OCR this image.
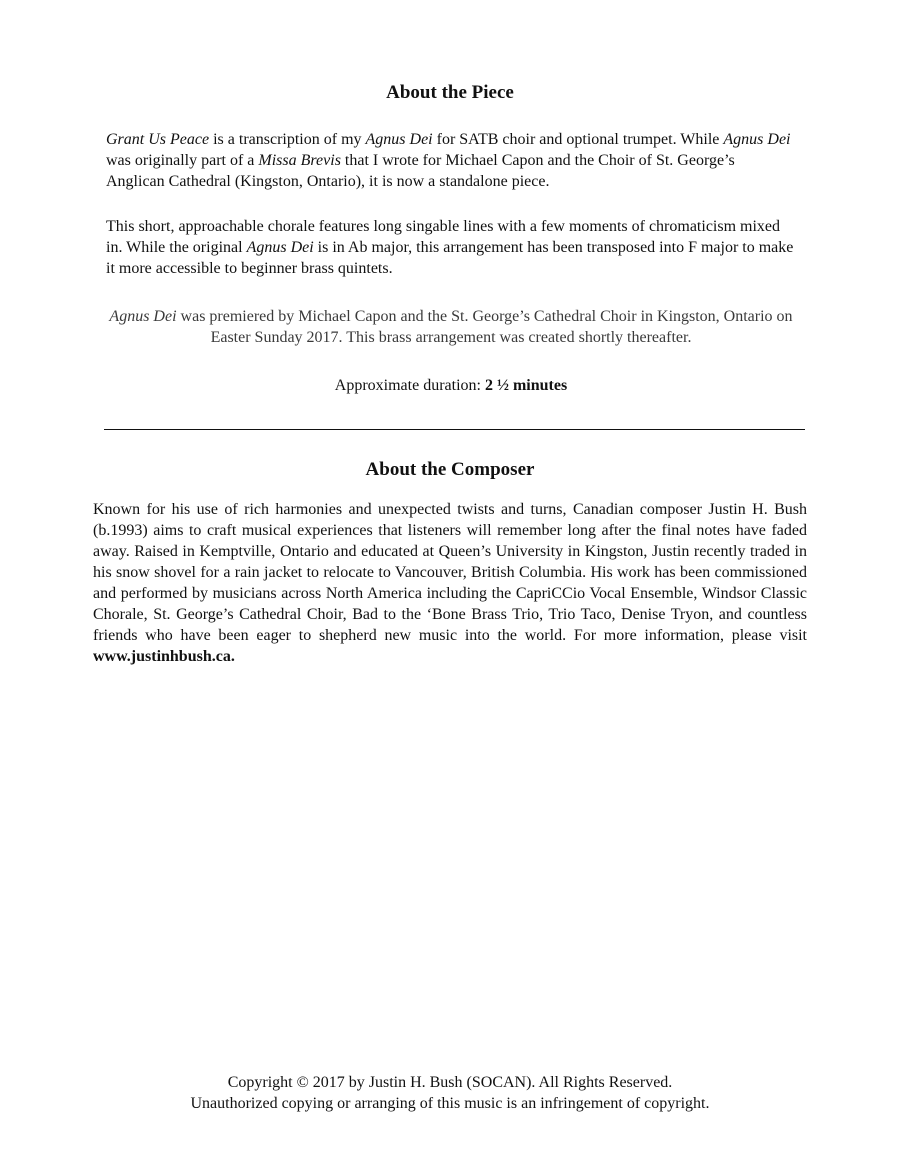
About the Piece

Grant Us Peace is a transcription of my Agnus Dei for SATB choir and optional trumpet. While Agnus Dei was originally part of a Missa Brevis that I wrote for Michael Capon and the Choir of St. George’s Anglican Cathedral (Kingston, Ontario), it is now a standalone piece.

This short, approachable chorale features long singable lines with a few moments of chromaticism mixed in. While the original Agnus Dei is in Ab major, this arrangement has been transposed into F major to make it more accessible to beginner brass quintets.

Agnus Dei was premiered by Michael Capon and the St. George’s Cathedral Choir in Kingston, Ontario on Easter Sunday 2017. This brass arrangement was created shortly thereafter.

Approximate duration: 2 ½ minutes

About the Composer

Known for his use of rich harmonies and unexpected twists and turns, Canadian composer Justin H. Bush (b.1993) aims to craft musical experiences that listeners will remember long after the final notes have faded away. Raised in Kemptville, Ontario and educated at Queen’s University in Kingston, Justin recently traded in his snow shovel for a rain jacket to relocate to Vancouver, British Columbia. His work has been commissioned and performed by musicians across North America including the CapriCCio Vocal Ensemble, Windsor Classic Chorale, St. George’s Cathedral Choir, Bad to the ‘Bone Brass Trio, Trio Taco, Denise Tryon, and countless friends who have been eager to shepherd new music into the world. For more information, please visit www.justinhbush.ca.

Copyright © 2017 by Justin H. Bush (SOCAN). All Rights Reserved.

Unauthorized copying or arranging of this music is an infringement of copyright.
